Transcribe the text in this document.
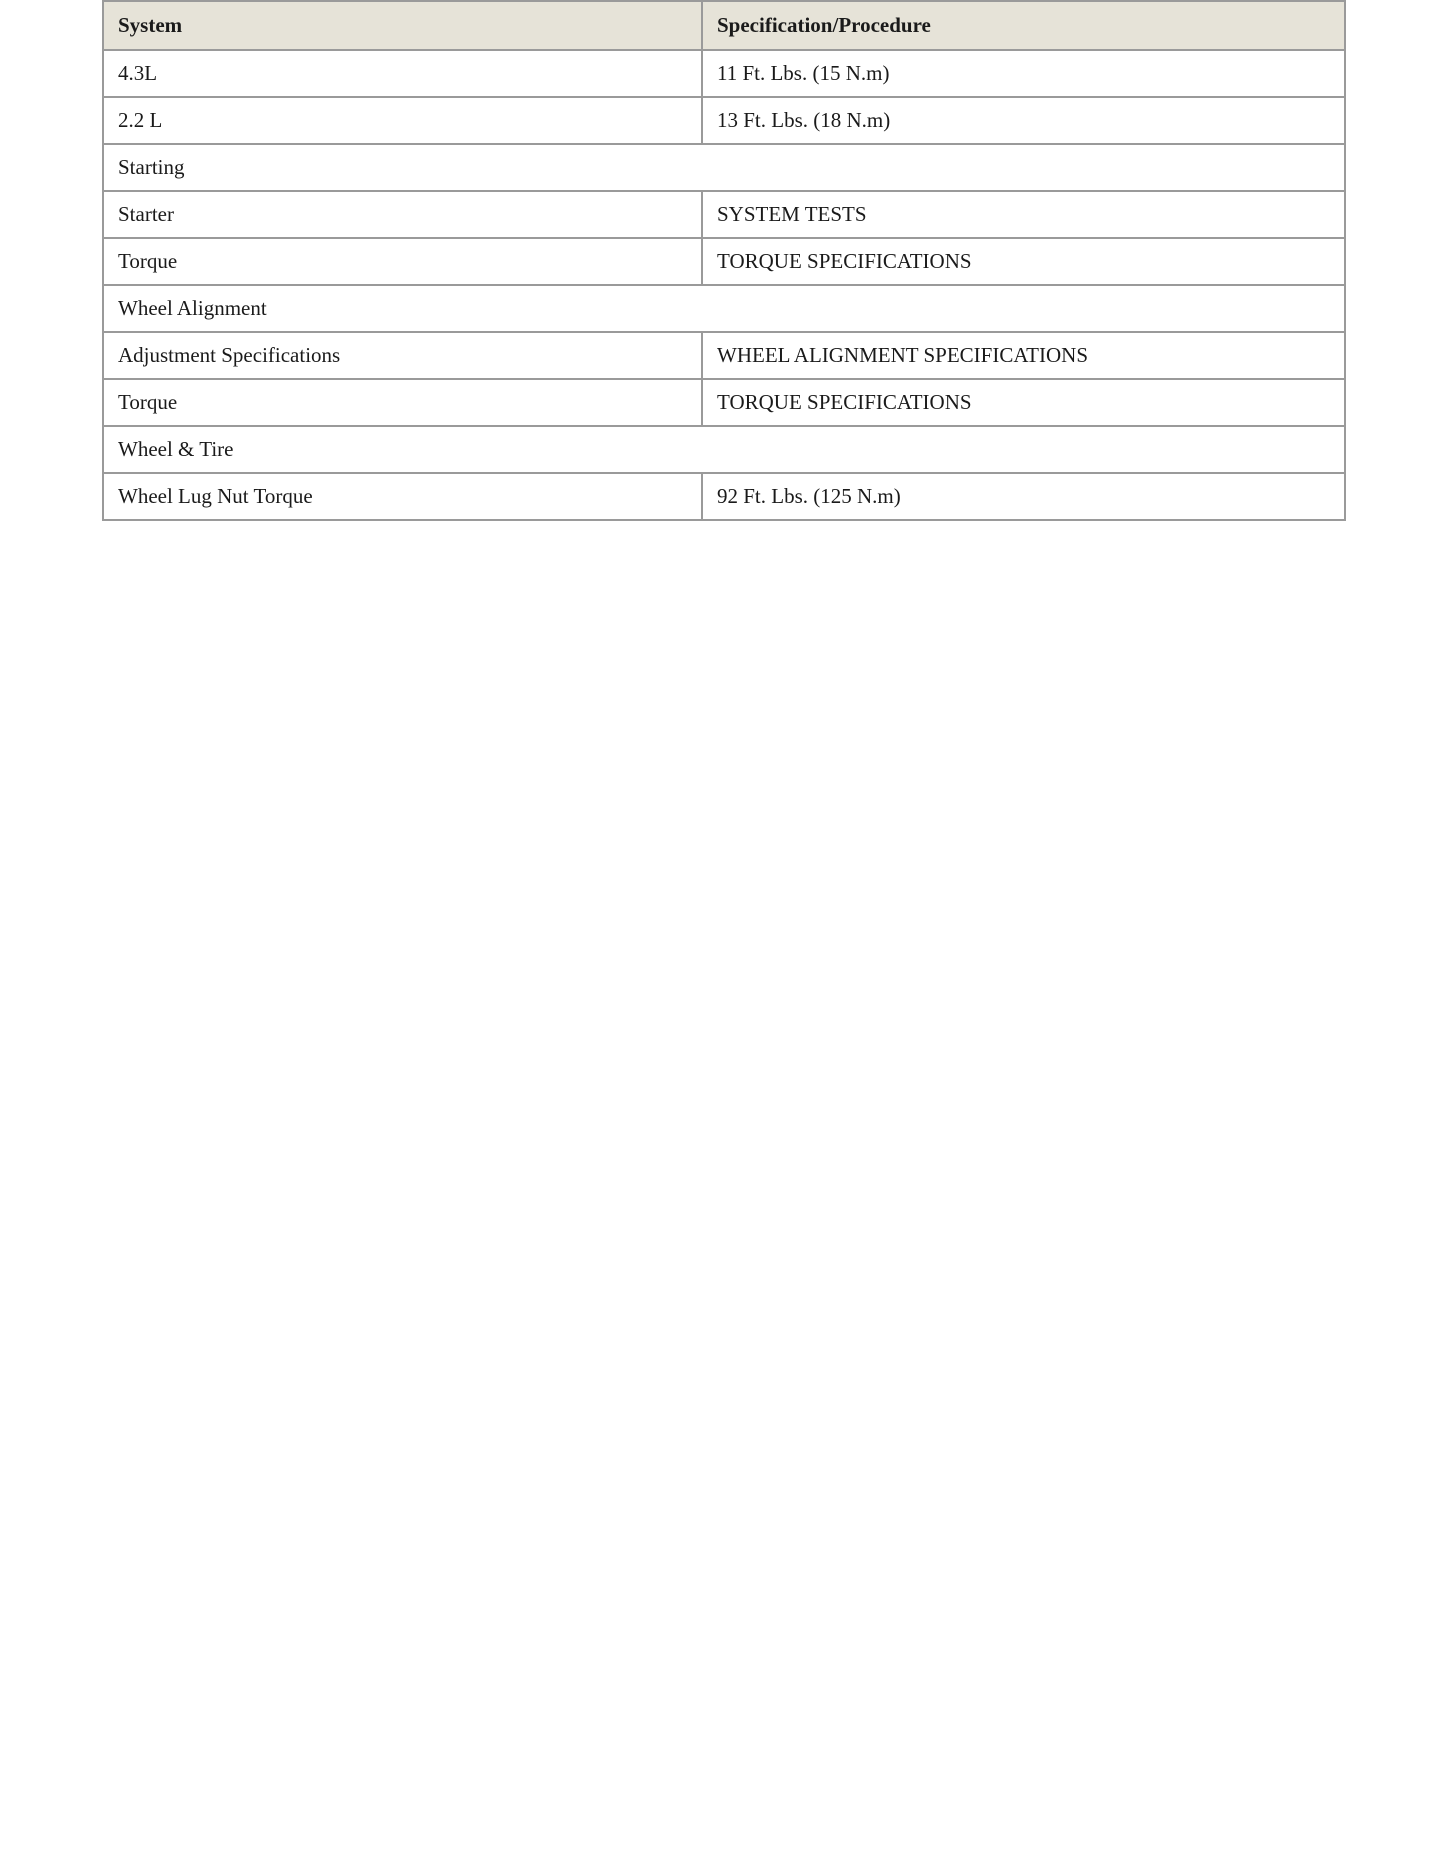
System	Specification/Procedure
4.3L	11 Ft. Lbs. (15 N.m)
2.2 L	13 Ft. Lbs. (18 N.m)
Starting	
Starter	SYSTEM TESTS
Torque	TORQUE SPECIFICATIONS
Wheel Alignment	
Adjustment Specifications	WHEEL ALIGNMENT SPECIFICATIONS
Torque	TORQUE SPECIFICATIONS
Wheel & Tire	
Wheel Lug Nut Torque	92 Ft. Lbs. (125 N.m)
